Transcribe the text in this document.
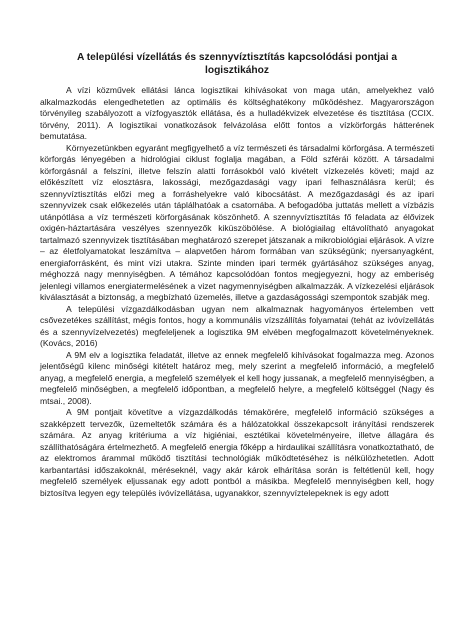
A települési vízellátás és szennyvíztisztítás kapcsolódási pontjai a logisztikához

A vízi közművek ellátási lánca logisztikai kihívásokat von maga után, amelyekhez való alkalmazkodás elengedhetetlen az optimális és költséghatékony működéshez. Magyarországon törvényileg szabályozott a vízfogyasztók ellátása, és a hulladékvizek elvezetése és tisztítása (CCIX. törvény, 2011). A logisztikai vonatkozások felvázolása előtt fontos a vízkörforgás hátterének bemutatása.

Környezetünkben egyaránt megfigyelhető a víz természeti és társadalmi körforgása. A természeti körforgás lényegében a hidrológiai ciklust foglalja magában, a Föld szférái között. A társadalmi körforgásnál a felszíni, illetve felszín alatti forrásokból való kivételt vízkezelés követi; majd az előkészített víz elosztásra, lakossági, mezőgazdasági vagy ipari felhasználásra kerül; és szennyvíztisztítás előzi meg a forráshelyekre való kibocsátást. A mezőgazdasági és az ipari szennyvizek csak előkezelés után táplálhatóak a csatornába. A befogadóba juttatás mellett a vízbázis utánpótlása a víz természeti körforgásának köszönhető. A szennyvíztisztítás fő feladata az élővizek oxigén-háztartására veszélyes szennyezők kiküszöbölése. A biológiailag eltávolítható anyagokat tartalmazó szennyvizek tisztításában meghatározó szerepet játszanak a mikrobiológiai eljárások. A vízre – az életfolyamatokat leszámítva – alapvetően három formában van szükségünk; nyersanyagként, energiaforrásként, és mint vízi utakra. Szinte minden ipari termék gyártásához szükséges anyag, méghozzá nagy mennyiségben. A témához kapcsolódóan fontos megjegyezni, hogy az emberiség jelenlegi villamos energiatermelésének a vizet nagymennyiségben alkalmazzák. A vízkezelési eljárások kiválasztását a biztonság, a megbízható üzemelés, illetve a gazdaságossági szempontok szabják meg.

A települési vízgazdálkodásban ugyan nem alkalmaznak hagyományos értelemben vett csővezetékes szállítást, mégis fontos, hogy a kommunális vízszállítás folyamatai (tehát az ivóvízellátás és a szennyvízelvezetés) megfeleljenek a logisztika 9M elvében megfogalmazott követelményeknek. (Kovács, 2016)

A 9M elv a logisztika feladatát, illetve az ennek megfelelő kihívásokat fogalmazza meg. Azonos jelentőségű kilenc minőségi kitételt határoz meg, mely szerint a megfelelő információ, a megfelelő anyag, a megfelelő energia, a megfelelő személyek el kell hogy jussanak, a megfelelő mennyiségben, a megfelelő minőségben, a megfelelő időpontban, a megfelelő helyre, a megfelelő költséggel (Nagy és mtsai., 2008).

A 9M pontjait követítve a vízgazdálkodás témakörére, megfelelő információ szükséges a szakképzett tervezők, üzemeltetők számára és a hálózatokkal összekapcsolt irányítási rendszerek számára. Az anyag kritériuma a víz higiéniai, esztétikai követelményeire, illetve állagára és szállíthatóságára értelmezhető. A megfelelő energia főképp a hirdaulikai szállításra vonatkoztatható, de az elektromos árammal működő tisztítási technológiák működtetéséhez is nélkülözhetetlen. Adott karbantartási időszakoknál, méréseknél, vagy akár károk elhárítása során is feltétlenül kell, hogy megfelelő személyek eljussanak egy adott pontból a másikba. Megfelelő mennyiségben kell, hogy biztosítva legyen egy település ivóvízellátása, ugyanakkor, szennyvíztelepeknek is egy adott
